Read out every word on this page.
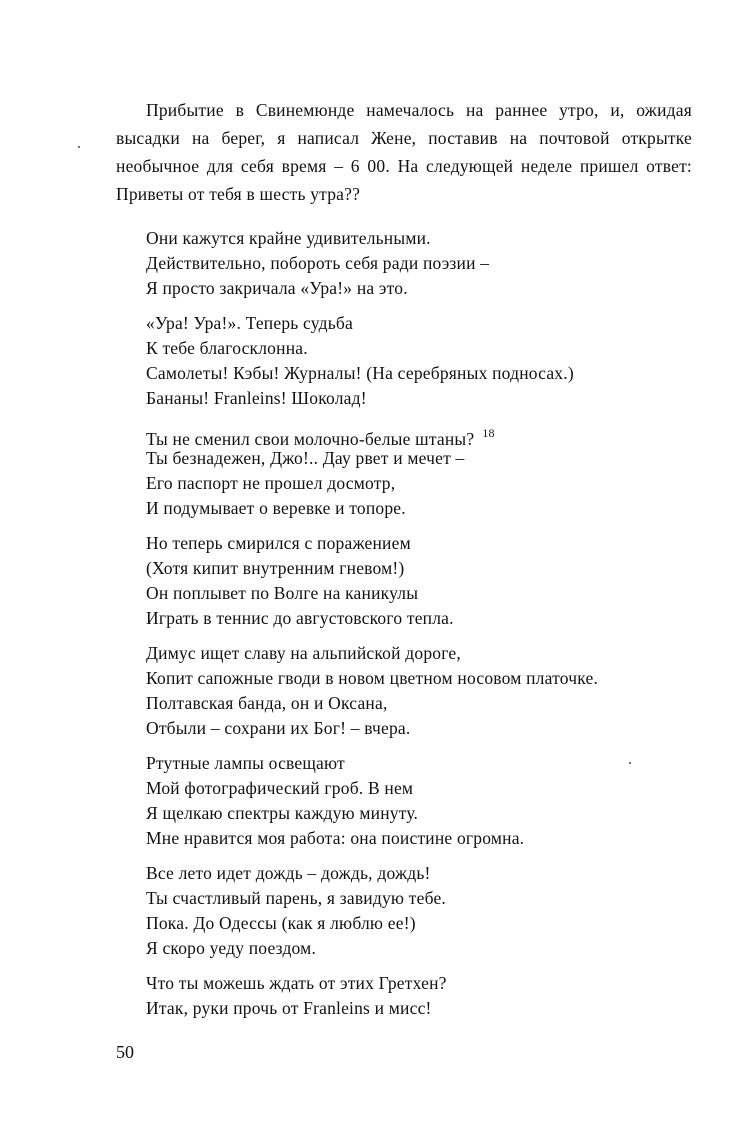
Прибытие в Свинемюнде намечалось на раннее утро, и, ожидая высадки на берег, я написал Жене, поставив на почтовой открытке необычное для себя время – 6 00. На следующей неделе пришел ответ: Приветы от тебя в шесть утра??

Они кажутся крайне удивительными.
Действительно, побороть себя ради поэзии –
Я просто закричала «Ура!» на это.
«Ура! Ура!». Теперь судьба
К тебе благосклонна.
Самолеты! Кэбы! Журналы! (На серебряных подносах.)
Бананы! Franleins! Шоколад!
Ты не сменил свои молочно-белые штаны? $^{18}$
Ты безнадежен, Джо!.. Дау рвет и мечет –
Его паспорт не прошел досмотр,
И подумывает о веревке и топоре.
Но теперь смирился с поражением
(Хотя кипит внутренним гневом!)
Он поплывет по Волге на каникулы
Играть в теннис до августовского тепла.
Димус ищет славу на альпийской дороге,
Копит сапожные гводи в новом цветном носовом платочке.
Полтавская банда, он и Оксана,
Отбыли – сохрани их Бог! – вчера.
Ртутные лампы освещают
Мой фотографический гроб. В нем
Я щелкаю спектры каждую минуту.
Мне нравится моя работа: она поистине огромна.
Все лето идет дождь – дождь, дождь!
Ты счастливый парень, я завидую тебе.
Пока. До Одессы (как я люблю ее!)
Я скоро уеду поездом.
Что ты можешь ждать от этих Гретхен?
Итак, руки прочь от Franleins и мисс!
50
